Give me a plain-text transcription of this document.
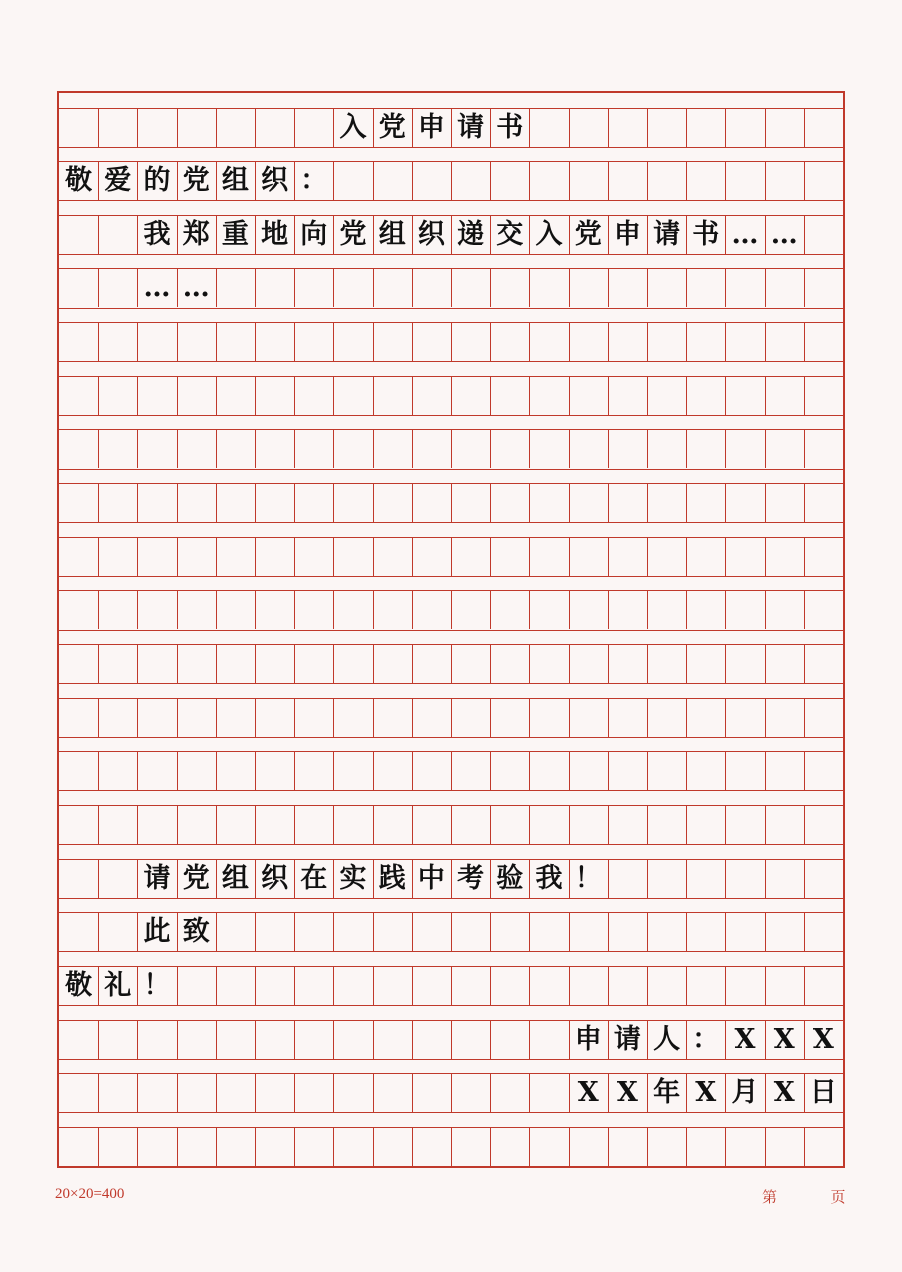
入 党 申 请 书
敬 爱 的 党 组 织 ：
我 郑 重 地 向 党 组 织 递 交 入 党 申 请 书 … …
… …
请 党 组 织 在 实 践 中 考 验 我 ！
此 致
敬 礼 ！
申 请 人 ： X X X
X X 年 X 月 X 日
20×20=400	第	页
